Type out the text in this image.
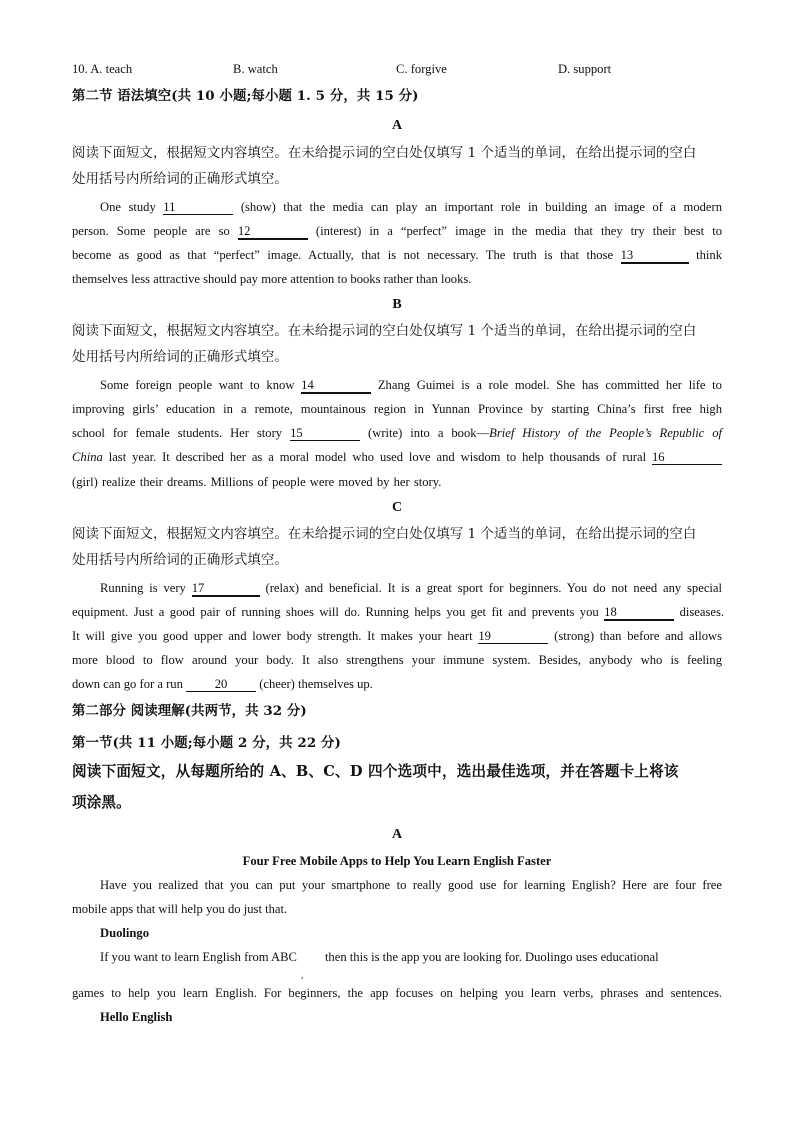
10. A. teach	B. watch	C. forgive	D. support
第二节 语法填空(共 10 小题;每小题 1. 5 分，共 15 分)
A
阅读下面短文，根据短文内容填空。在未给提示词的空白处仅填写 1 个适当的单词，在给出提示词的空白
处用括号内所给词的正确形式填空。
One study 11	(show) that the media can play an important role in building an image of a modern
person. Some people are so 12	(interest) in a “perfect” image in the media that they try their best to
become as good as that “perfect” image. Actually, that is not necessary. The truth is that those 13	think
themselves less attractive should pay more attention to books rather than looks.
B
阅读下面短文，根据短文内容填空。在未给提示词的空白处仅填写 1 个适当的单词，在给出提示词的空白
处用括号内所给词的正确形式填空。
Some foreign people want to know 14	Zhang Guimei is a role model. She has committed her life to
improving girls’ education in a remote, mountainous region in Yunnan Province by starting China’s first free high
school for female students. Her story 15	(write) into a book—Brief History of the People’s Republic of
China last year. It described her as a moral model who used love and wisdom to help thousands of rural 16
(girl) realize their dreams. Millions of people were moved by her story.
C
阅读下面短文，根据短文内容填空。在未给提示词的空白处仅填写 1 个适当的单词，在给出提示词的空白
处用括号内所给词的正确形式填空。
Running is very 17	(relax) and beneficial. It is a great sport for beginners. You do not need any special
equipment. Just a good pair of running shoes will do. Running helps you get fit and prevents you 18	diseases.
It will give you good upper and lower body strength. It makes your heart 19	(strong) than before and allows
more blood to flow around your body. It also strengthens your immune system. Besides, anybody who is feeling
down can go for a run	20	(cheer) themselves up.
第二部分 阅读理解(共两节，共 32 分)
第一节(共 11 小题;每小题 2 分，共 22 分)
阅读下面短文，从每题所给的 A、B、C、D 四个选项中，选出最佳选项，并在答题卡上将该
项涂黑。
A
Four Free Mobile Apps to Help You Learn English Faster
Have you realized that you can put your smartphone to really good use for learning English? Here are four free
mobile apps that will help you do just that.
Duolingo
If you want to learn English from ABC
,
then this is the app you are looking for. Duolingo uses educational
games to help you learn English. For beginners, the app focuses on helping you learn verbs, phrases and sentences.
Hello English
